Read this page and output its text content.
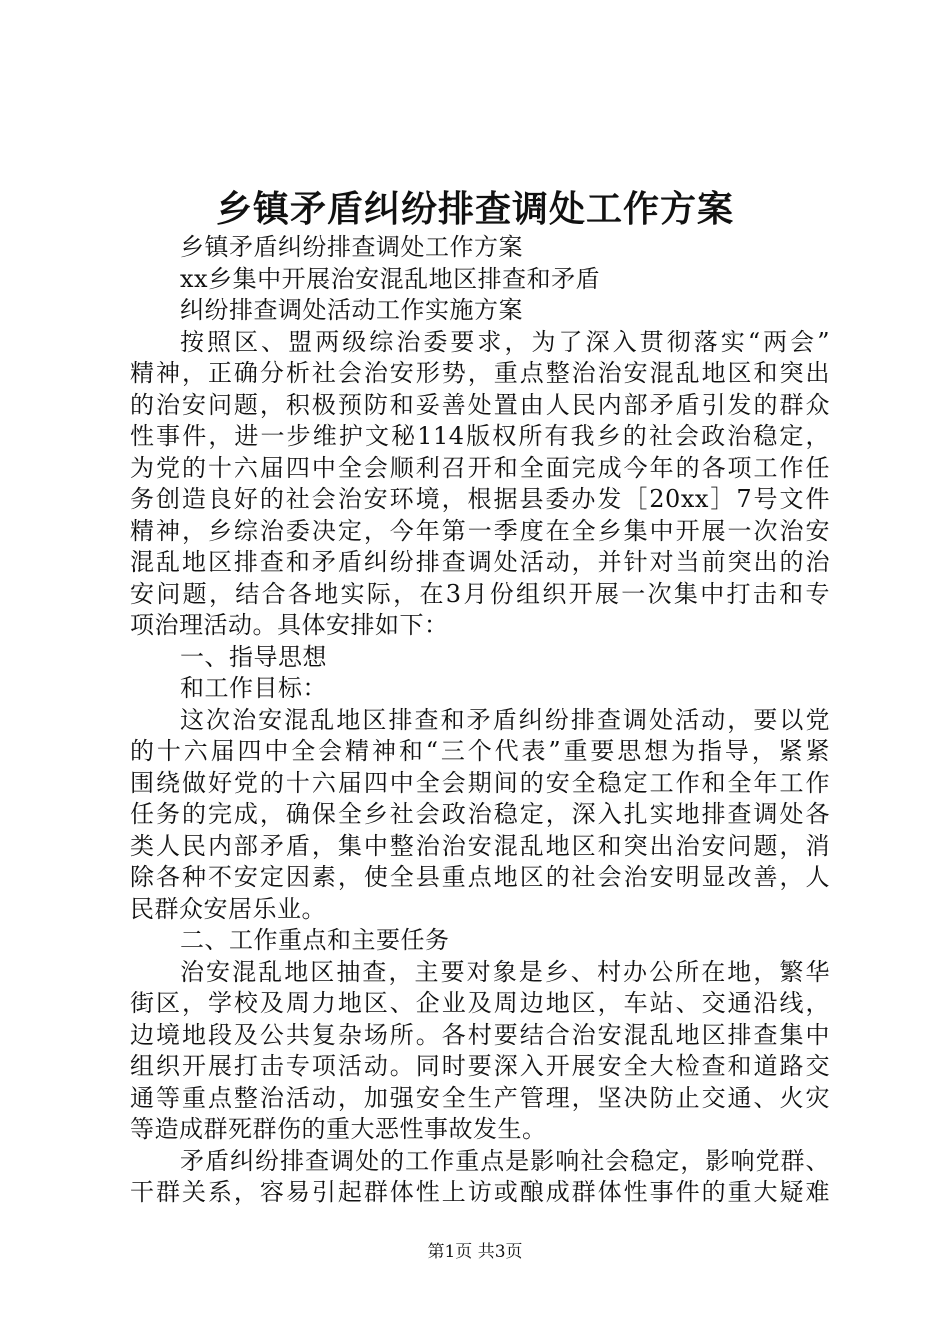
乡镇矛盾纠纷排查调处工作方案

乡镇矛盾纠纷排查调处工作方案

xx乡集中开展治安混乱地区排查和矛盾

纠纷排查调处活动工作实施方案

按照区、盟两级综治委要求，为了深入贯彻落实“两会”

精神，正确分析社会治安形势，重点整治治安混乱地区和突出

的治安问题，积极预防和妥善处置由人民内部矛盾引发的群众

性事件，进一步维护文秘114版权所有我乡的社会政治稳定，

为党的十六届四中全会顺利召开和全面完成今年的各项工作任

务创造良好的社会治安环境，根据县委办发［20xx］7号文件

精神，乡综治委决定，今年第一季度在全乡集中开展一次治安

混乱地区排查和矛盾纠纷排查调处活动，并针对当前突出的治

安问题，结合各地实际，在3月份组织开展一次集中打击和专

项治理活动。具体安排如下：

一、指导思想

和工作目标：

这次治安混乱地区排查和矛盾纠纷排查调处活动，要以党

的十六届四中全会精神和“三个代表”重要思想为指导，紧紧

围绕做好党的十六届四中全会期间的安全稳定工作和全年工作

任务的完成，确保全乡社会政治稳定，深入扎实地排查调处各

类人民内部矛盾，集中整治治安混乱地区和突出治安问题，消

除各种不安定因素，使全县重点地区的社会治安明显改善，人

民群众安居乐业。

二、工作重点和主要任务

治安混乱地区抽查，主要对象是乡、村办公所在地，繁华

街区，学校及周力地区、企业及周边地区，车站、交通沿线，

边境地段及公共复杂场所。各村要结合治安混乱地区排查集中

组织开展打击专项活动。同时要深入开展安全大检查和道路交

通等重点整治活动，加强安全生产管理，坚决防止交通、火灾

等造成群死群伤的重大恶性事故发生。

矛盾纠纷排查调处的工作重点是影响社会稳定，影响党群、

干群关系，容易引起群体性上访或酿成群体性事件的重大疑难

第1页 共3页
